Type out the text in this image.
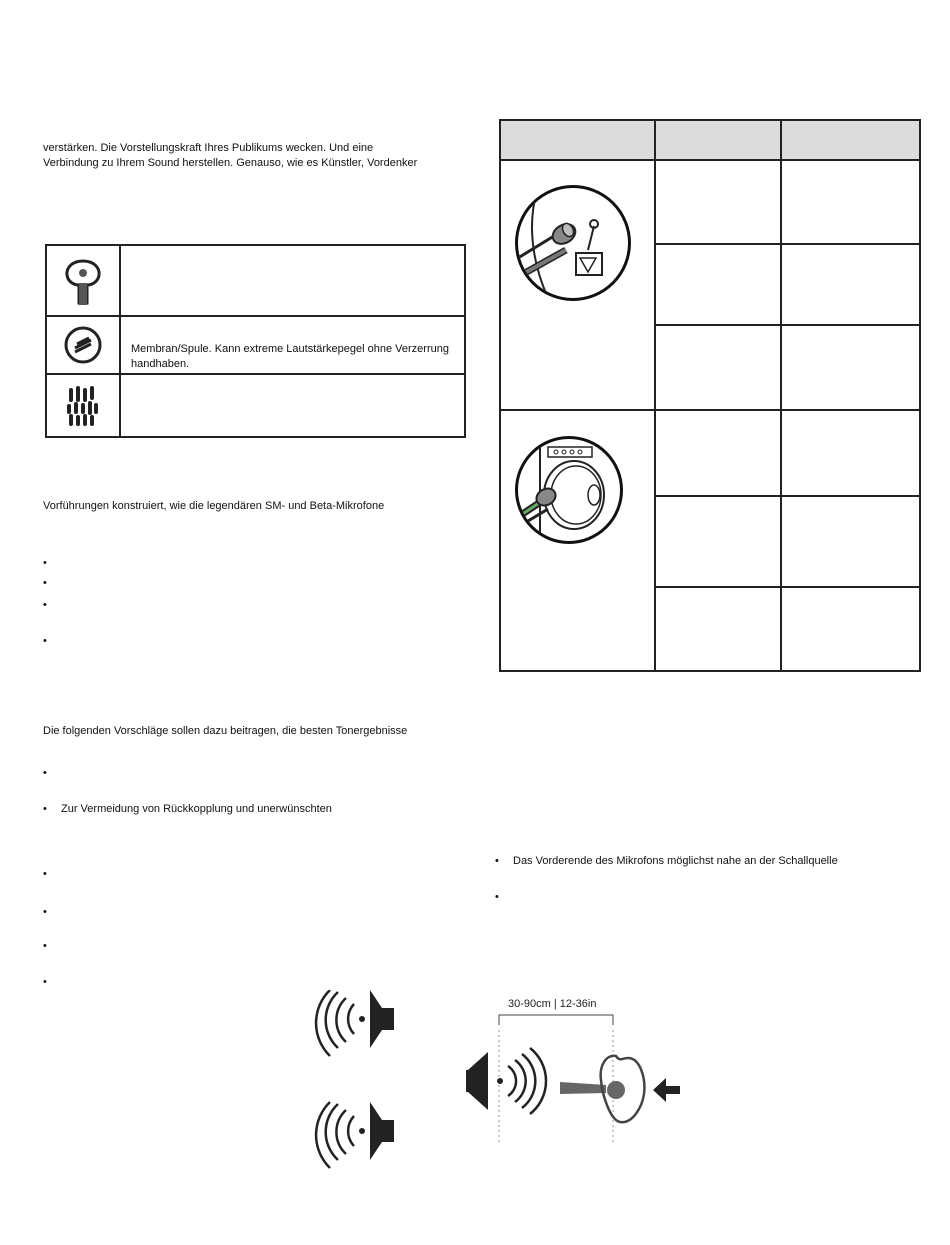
verstärken. Die Vorstellungskraft Ihres Publikums wecken. Und eine
Verbindung zu Ihrem Sound herstellen. Genauso, wie es Künstler, Vordenker
Membran/Spule. Kann extreme Lautstärkepegel ohne Verzerrung handhaben.
Vorführungen konstruiert, wie die legendären SM- und Beta-Mikrofone
•
•
•
•
Die folgenden Vorschläge sollen dazu beitragen, die besten Tonergebnisse
•
• Zur Vermeidung von Rückkopplung und unerwünschten
•
•
•
•
• Das Vorderende des Mikrofons möglichst nahe an der Schallquelle
•
30-90cm | 12-36in
